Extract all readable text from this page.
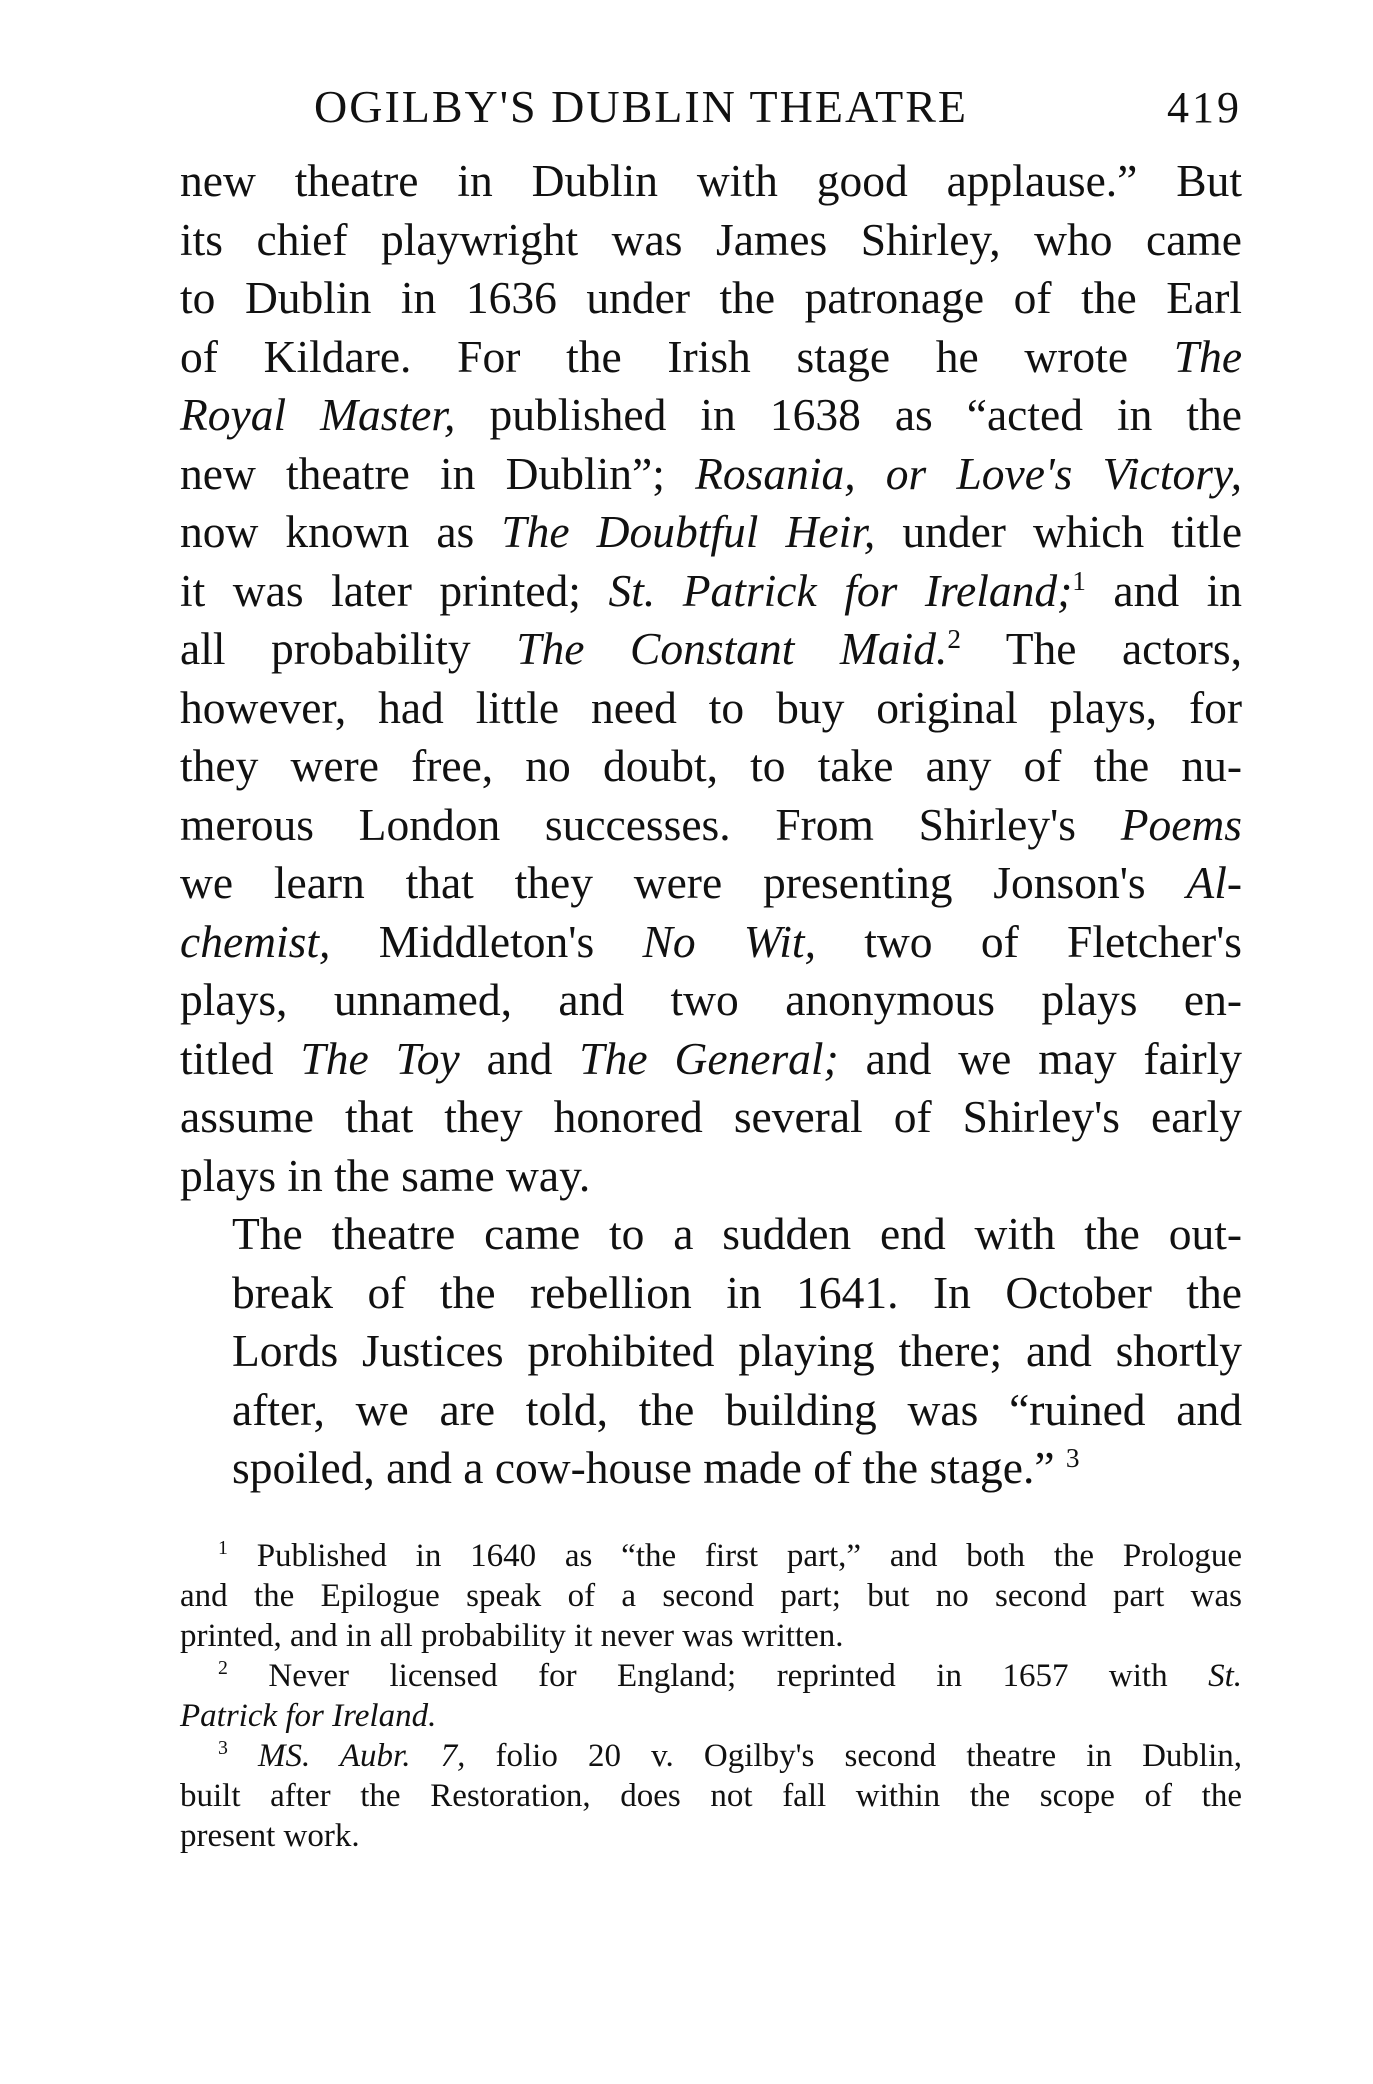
OGILBY'S DUBLIN THEATRE	419

new theatre in Dublin with good applause.” But
its chief playwright was James Shirley, who came
to Dublin in 1636 under the patronage of the Earl
of Kildare. For the Irish stage he wrote The
Royal Master, published in 1638 as “acted in the
new theatre in Dublin”; Rosania, or Love's Victory,
now known as The Doubtful Heir, under which title
it was later printed; St. Patrick for Ireland;$^1$ and in
all probability The Constant Maid.$^2$ The actors,
however, had little need to buy original plays, for
they were free, no doubt, to take any of the nu-
merous London successes. From Shirley's Poems
we learn that they were presenting Jonson's Al-
chemist, Middleton's No Wit, two of Fletcher's
plays, unnamed, and two anonymous plays en-
titled The Toy and The General; and we may fairly
assume that they honored several of Shirley's early
plays in the same way.

The theatre came to a sudden end with the out-
break of the rebellion in 1641. In October the
Lords Justices prohibited playing there; and shortly
after, we are told, the building was “ruined and
spoiled, and a cow-house made of the stage.” $^3$

$^1$ Published in 1640 as “the first part,” and both the Prologue
and the Epilogue speak of a second part; but no second part was
printed, and in all probability it never was written.

$^2$ Never licensed for England; reprinted in 1657 with St.
Patrick for Ireland.

$^3$ MS. Aubr. 7, folio 20 v. Ogilby's second theatre in Dublin,
built after the Restoration, does not fall within the scope of the
present work.
